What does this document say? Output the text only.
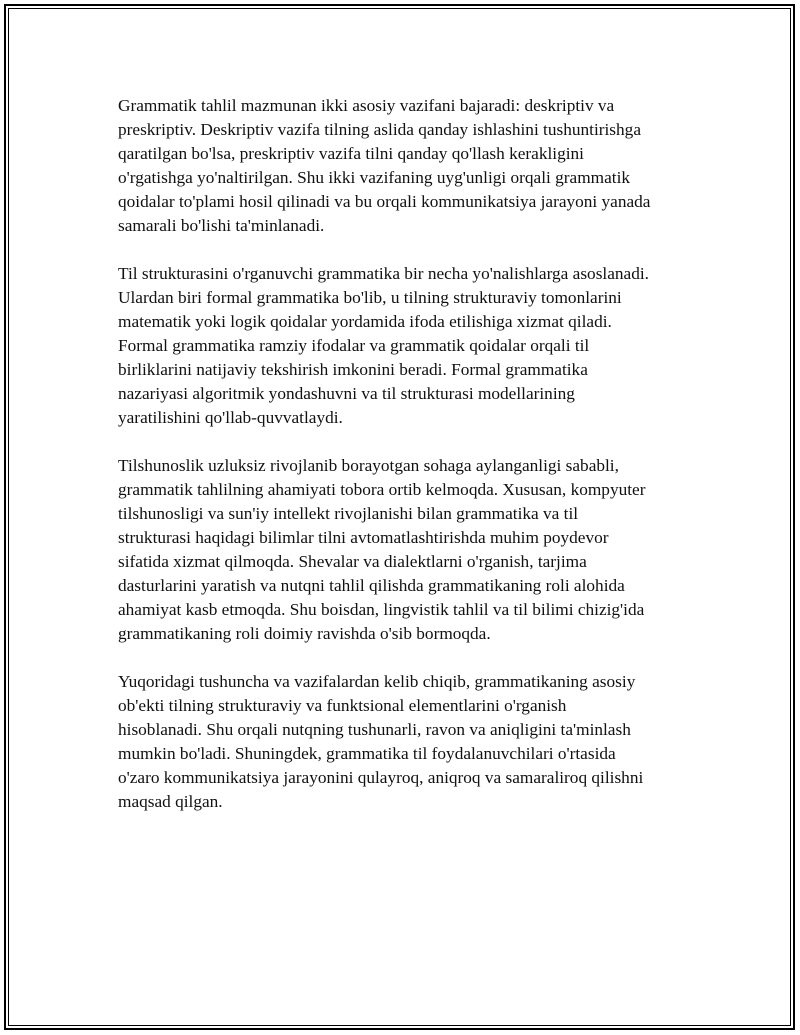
Grammatik tahlil mazmunan ikki asosiy vazifani bajaradi: deskriptiv va
preskriptiv. Deskriptiv vazifa tilning aslida qanday ishlashini tushuntirishga
qaratilgan bo'lsa, preskriptiv vazifa tilni qanday qo'llash kerakligini
o'rgatishga yo'naltirilgan. Shu ikki vazifaning uyg'unligi orqali grammatik
qoidalar to'plami hosil qilinadi va bu orqali kommunikatsiya jarayoni yanada
samarali bo'lishi ta'minlanadi.

Til strukturasini o'rganuvchi grammatika bir necha yo'nalishlarga asoslanadi.
Ulardan biri formal grammatika bo'lib, u tilning strukturaviy tomonlarini
matematik yoki logik qoidalar yordamida ifoda etilishiga xizmat qiladi.
Formal grammatika ramziy ifodalar va grammatik qoidalar orqali til
birliklarini natijaviy tekshirish imkonini beradi. Formal grammatika
nazariyasi algoritmik yondashuvni va til strukturasi modellarining
yaratilishini qo'llab-quvvatlaydi.

Tilshunoslik uzluksiz rivojlanib borayotgan sohaga aylanganligi sababli,
grammatik tahlilning ahamiyati tobora ortib kelmoqda. Xususan, kompyuter
tilshunosligi va sun'iy intellekt rivojlanishi bilan grammatika va til
strukturasi haqidagi bilimlar tilni avtomatlashtirishda muhim poydevor
sifatida xizmat qilmoqda. Shevalar va dialektlarni o'rganish, tarjima
dasturlarini yaratish va nutqni tahlil qilishda grammatikaning roli alohida
ahamiyat kasb etmoqda. Shu boisdan, lingvistik tahlil va til bilimi chizig'ida
grammatikaning roli doimiy ravishda o'sib bormoqda.

Yuqoridagi tushuncha va vazifalardan kelib chiqib, grammatikaning asosiy
ob'ekti tilning strukturaviy va funktsional elementlarini o'rganish
hisoblanadi. Shu orqali nutqning tushunarli, ravon va aniqligini ta'minlash
mumkin bo'ladi. Shuningdek, grammatika til foydalanuvchilari o'rtasida
o'zaro kommunikatsiya jarayonini qulayroq, aniqroq va samaraliroq qilishni
maqsad qilgan.
